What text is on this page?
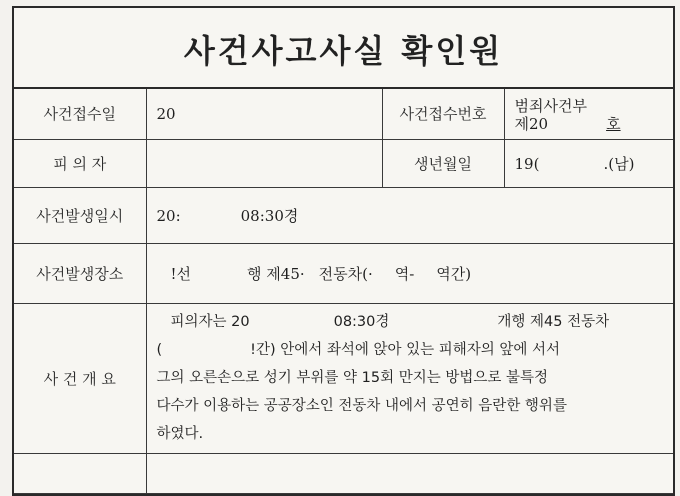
사건사고사실 확인원
사건접수일	20	사건접수번호	범죄사건부
제20 호

피 의 자		생년월일	19( .(남)
사건발생일시	20: 08:30경		
사건발생장소	!선 행 제45· 전동차(· 역- 역간)		
사 건 개 요	피의자는 20 08:30경 개행 제45 전동차
( !간) 안에서 좌석에 앉아 있는 피해자의 앞에 서서
그의 오른손으로 성기 부위를 약 15회 만지는 방법으로 불특정
다수가 이용하는 공공장소인 전동차 내에서 공연히 음란한 행위를
하였다.		
